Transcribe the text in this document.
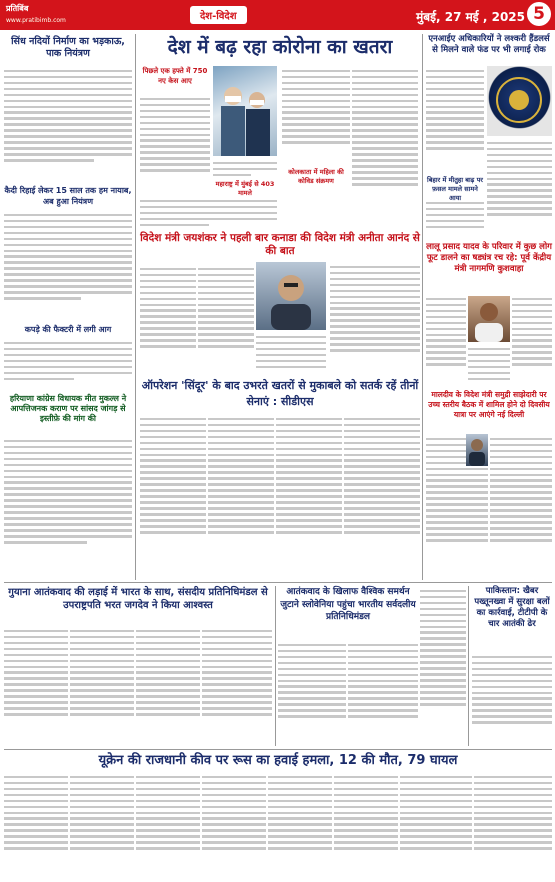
प्रतिबिंब
www.pratibimb.com	देश-विदेश	मुंबई, 27 मई , 2025 5
सिंध नदियों निर्माण का भड़काऊ, पाक नियंत्रण
कैदी रिहाई लेकर 15 साल तक हम नायाब, अब हुआ नियंत्रण
कपड़े की फैक्टरी में लगी आग
हरियाणा कांग्रेस विधायक मीत मुकल्ल ने आपत्तिजनक कराण पर सांसद जांगड़ से इस्तीफ़े की मांग की
देश में बढ़ रहा कोरोना का खतरा
पिछले एक हफ्ते में 750 नए केस आए
महाराष्ट्र में मुंबई से 403 मामले
कोलकाता में महिला की कोविड संक्रमण
विदेश मंत्री जयशंकर ने पहली बार कनाडा की विदेश मंत्री अनीता आनंद से की बात
ऑपरेशन 'सिंदूर' के बाद उभरते खतरों से मुकाबले को सतर्क रहें तीनों सेनाएं : सीडीएस
एनआईए अधिकारियों ने लश्करी हैंडलर्स से मिलने वाले फंड पर भी लगाई रोक
बिहार में मीतुहा बाढ़ पर फ़सल मामले सामने आया
लालू प्रसाद यादव के परिवार में कुछ लोग फूट डालने का षड्यंत्र रच रहे: पूर्व केंद्रीय मंत्री नागमणि कुशवाहा
मालदीव के विदेश मंत्री समुद्री साझेदारी पर उच्च स्तरीय बैठक में शामिल होने दो दिवसीय यात्रा पर आएंगे नई दिल्ली
गुयाना आतंकवाद की लड़ाई में भारत के साथ, संसदीय प्रतिनिधिमंडल से उपराष्ट्रपति भरत जगदेव ने किया आश्वस्त
आतंकवाद के खिलाफ वैश्विक समर्थन जुटाने स्लोवेनिया पहुंचा भारतीय सर्वदलीय प्रतिनिधिमंडल
पाकिस्तान: खैबर पख्तूनख्वा में सुरक्षा बलों का कार्रवाई, टीटीपी के चार आतंकी ढेर
यूक्रेन की राजधानी कीव पर रूस का हवाई हमला, 12 की मौत, 79 घायल
